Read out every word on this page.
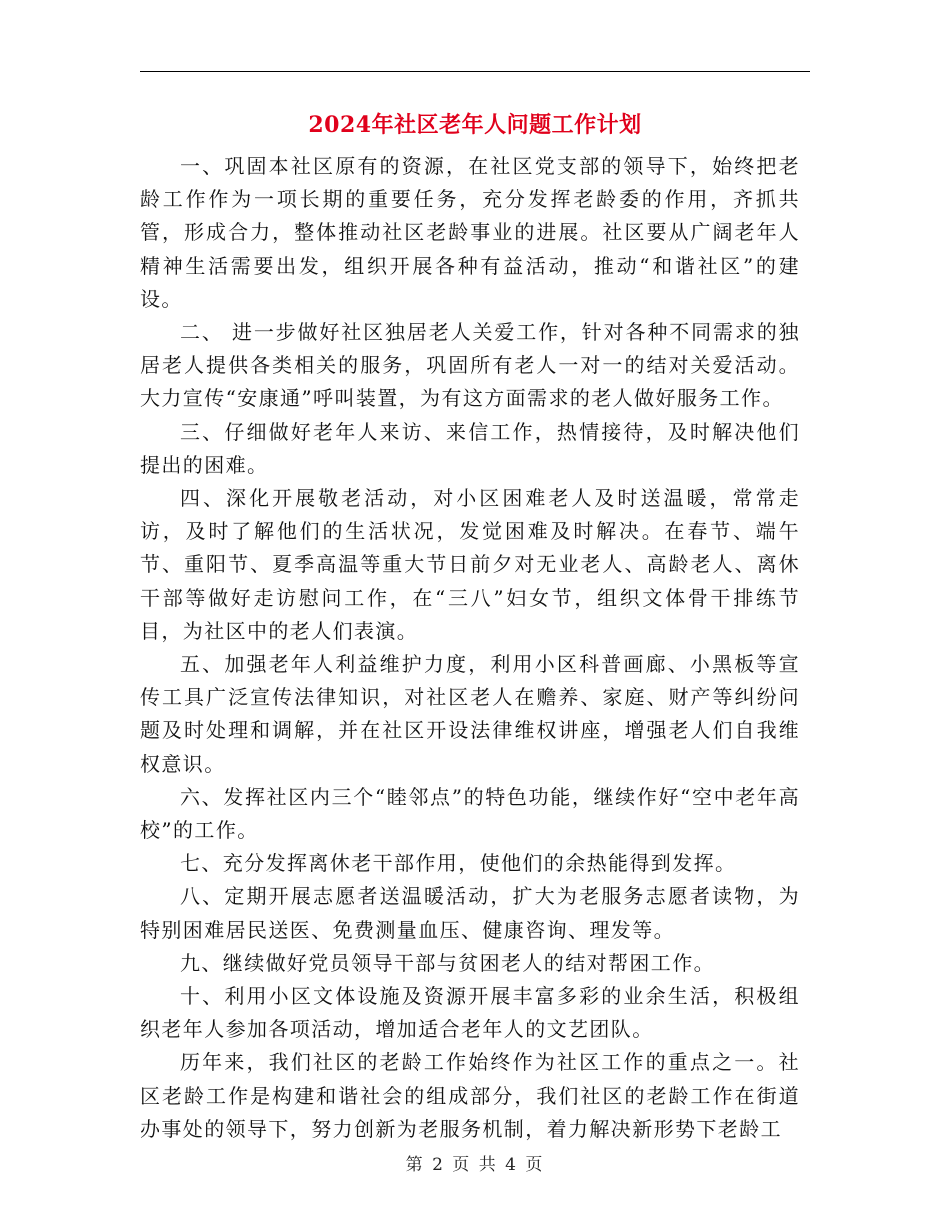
2024年社区老年人问题工作计划

一、巩固本社区原有的资源，在社区党支部的领导下，始终把老龄工作作为一项长期的重要任务，充分发挥老龄委的作用，齐抓共管，形成合力，整体推动社区老龄事业的进展。社区要从广阔老年人精神生活需要出发，组织开展各种有益活动，推动“和谐社区”的建设。

二、 进一步做好社区独居老人关爱工作，针对各种不同需求的独居老人提供各类相关的服务，巩固所有老人一对一的结对关爱活动。大力宣传“安康通”呼叫装置，为有这方面需求的老人做好服务工作。

三、仔细做好老年人来访、来信工作，热情接待，及时解决他们提出的困难。

四、深化开展敬老活动，对小区困难老人及时送温暖，常常走访，及时了解他们的生活状况，发觉困难及时解决。在春节、端午节、重阳节、夏季高温等重大节日前夕对无业老人、高龄老人、离休干部等做好走访慰问工作，在“三八”妇女节，组织文体骨干排练节目，为社区中的老人们表演。

五、加强老年人利益维护力度，利用小区科普画廊、小黑板等宣传工具广泛宣传法律知识，对社区老人在赡养、家庭、财产等纠纷问题及时处理和调解，并在社区开设法律维权讲座，增强老人们自我维权意识。

六、发挥社区内三个“睦邻点”的特色功能，继续作好“空中老年高校”的工作。

七、充分发挥离休老干部作用，使他们的余热能得到发挥。

八、定期开展志愿者送温暖活动，扩大为老服务志愿者读物，为特别困难居民送医、免费测量血压、健康咨询、理发等。

九、继续做好党员领导干部与贫困老人的结对帮困工作。

十、利用小区文体设施及资源开展丰富多彩的业余生活，积极组织老年人参加各项活动，增加适合老年人的文艺团队。

历年来，我们社区的老龄工作始终作为社区工作的重点之一。社区老龄工作是构建和谐社会的组成部分，我们社区的老龄工作在街道办事处的领导下，努力创新为老服务机制，着力解决新形势下老龄工

第 2 页 共 4 页
